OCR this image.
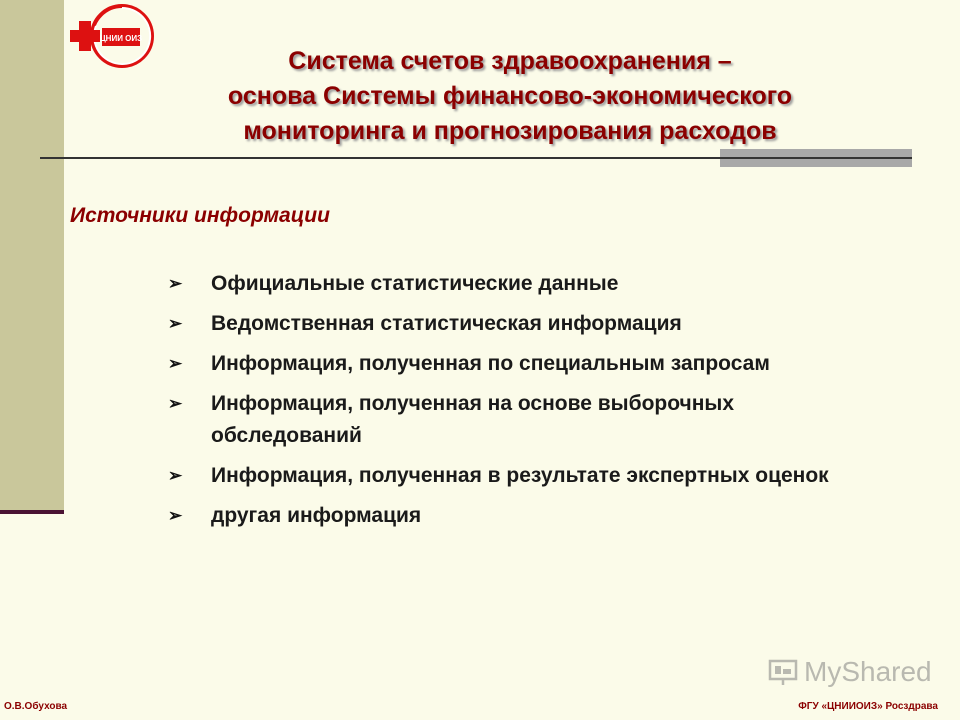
ЦНИИ ОИЗ
Система счетов здравоохранения –
основа Системы финансово-экономического
мониторинга и прогнозирования расходов
Источники информации
➢ Официальные статистические данные
➢ Ведомственная статистическая информация
➢ Информация, полученная по специальным запросам
➢ Информация, полученная на основе выборочных обследований
➢ Информация, полученная в результате экспертных оценок
➢ другая информация
MyShared
О.В.Обухова	ФГУ «ЦНИИОИЗ» Росздрава
